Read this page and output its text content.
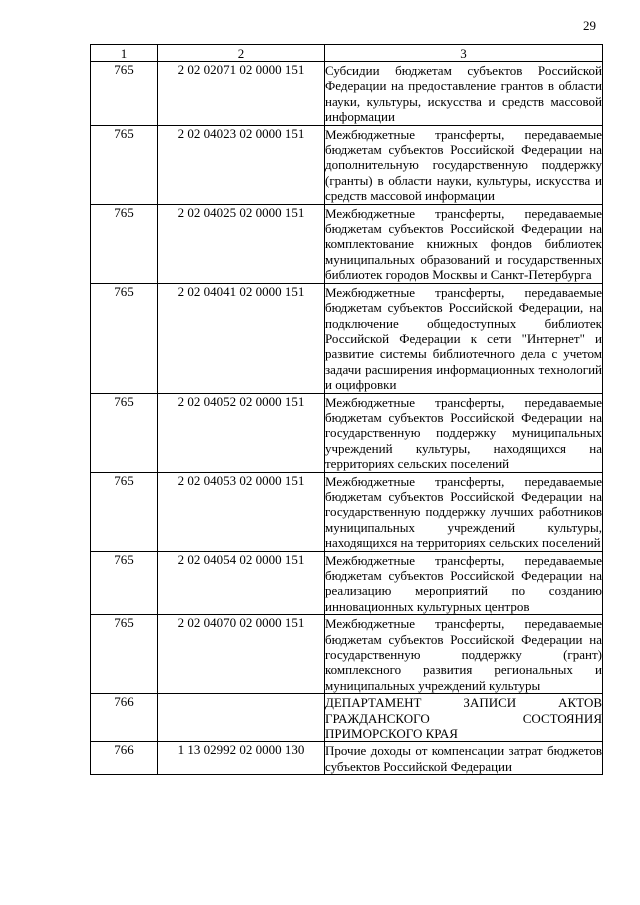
29
1	2	3
765	2 02 02071 02 0000 151	Субсидии бюджетам субъектов Российской Федерации на предоставление грантов в области науки, культуры, искусства и средств массовой информации

765	2 02 04023 02 0000 151	Межбюджетные трансферты, передаваемые бюджетам субъектов Российской Федерации на дополнительную государственную поддержку (гранты) в области науки, культуры, искусства и средств массовой информации

765	2 02 04025 02 0000 151	Межбюджетные трансферты, передаваемые бюджетам субъектов Российской Федерации на комплектование книжных фондов библиотек муниципальных образований и государственных библиотек городов Москвы и Санкт-Петербурга

765	2 02 04041 02 0000 151	Межбюджетные трансферты, передаваемые бюджетам субъектов Российской Федерации, на подключение общедоступных библиотек Российской Федерации к сети "Интернет" и развитие системы библиотечного дела с учетом задачи расширения информационных технологий и оцифровки

765	2 02 04052 02 0000 151	Межбюджетные трансферты, передаваемые бюджетам субъектов Российской Федерации на государственную поддержку муниципальных учреждений культуры, находящихся на территориях сельских поселений

765	2 02 04053 02 0000 151	Межбюджетные трансферты, передаваемые бюджетам субъектов Российской Федерации на государственную поддержку лучших работников муниципальных учреждений культуры, находящихся на территориях сельских поселений

765	2 02 04054 02 0000 151	Межбюджетные трансферты, передаваемые бюджетам субъектов Российской Федерации на реализацию мероприятий по созданию инновационных культурных центров

765	2 02 04070 02 0000 151	Межбюджетные трансферты, передаваемые бюджетам субъектов Российской Федерации на государственную поддержку (грант) комплексного развития региональных и муниципальных учреждений культуры

766		ДЕПАРТАМЕНТ ЗАПИСИ АКТОВ ГРАЖДАНСКОГО СОСТОЯНИЯ ПРИМОРСКОГО КРАЯ

766	1 13 02992 02 0000 130	Прочие доходы от компенсации затрат бюджетов субъектов Российской Федерации
